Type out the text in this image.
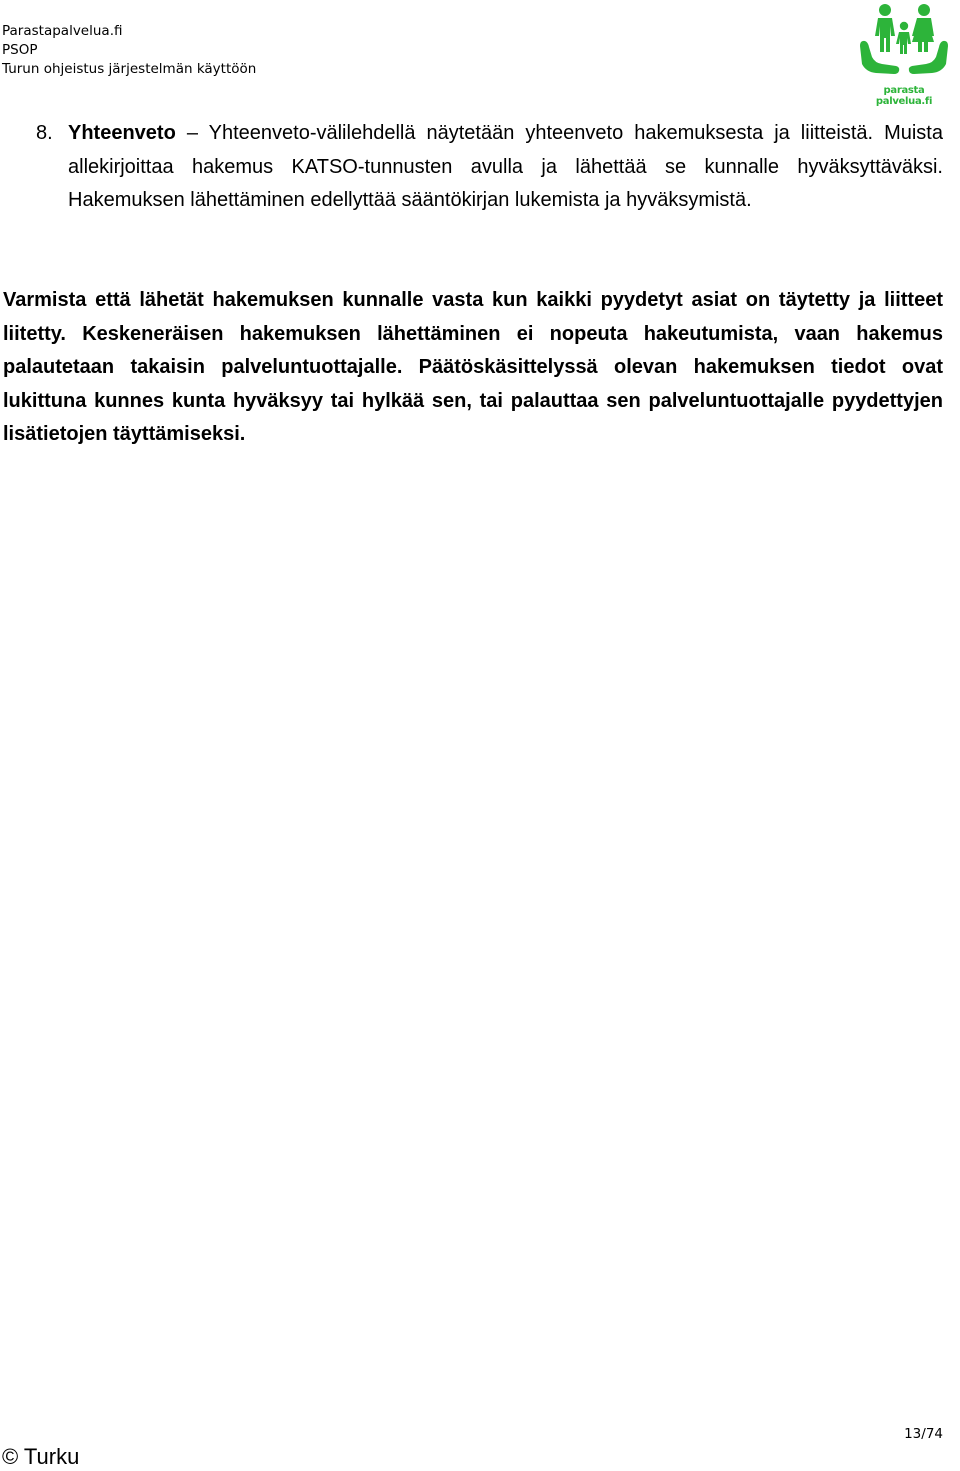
Parastapalvelua.fi
PSOP
Turun ohjeistus järjestelmän käyttöön
parasta palvelua.fi
8. Yhteenveto – Yhteenveto-välilehdellä näytetään yhteenveto hakemuksesta ja liitteistä. Muista allekirjoittaa hakemus KATSO-tunnusten avulla ja lähettää se kunnalle hyväksyttäväksi. Hakemuksen lähettäminen edellyttää sääntökirjan lukemista ja hyväksymistä.

Varmista että lähetät hakemuksen kunnalle vasta kun kaikki pyydetyt asiat on täytetty ja liitteet liitetty. Keskeneräisen hakemuksen lähettäminen ei nopeuta hakeutumista, vaan hakemus palautetaan takaisin palveluntuottajalle. Päätöskäsittelyssä olevan hakemuksen tiedot ovat lukittuna kunnes kunta hyväksyy tai hylkää sen, tai palauttaa sen palveluntuottajalle pyydettyjen lisätietojen täyttämiseksi.

© Turku
13/74
